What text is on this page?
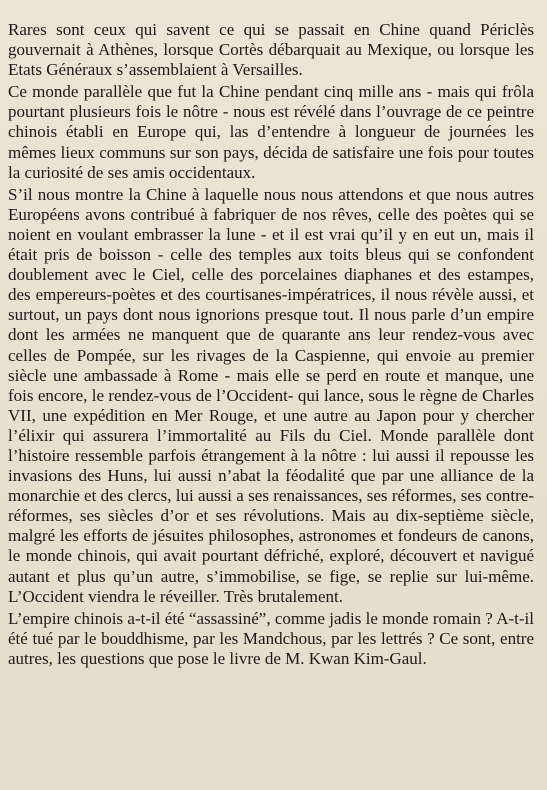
Rares sont ceux qui savent ce qui se passait en Chine quand Périclès gouvernait à Athènes, lorsque Cortès débarquait au Mexique, ou lorsque les Etats Généraux s’assemblaient à Versailles.

Ce monde parallèle que fut la Chine pendant cinq mille ans - mais qui frôla pourtant plusieurs fois le nôtre - nous est révélé dans l’ouvrage de ce peintre chinois établi en Europe qui, las d’entendre à longueur de journées les mêmes lieux communs sur son pays, décida de satisfaire une fois pour toutes la curiosité de ses amis occidentaux.

S’il nous montre la Chine à laquelle nous nous attendons et que nous autres Européens avons contribué à fabriquer de nos rêves, celle des poètes qui se noient en voulant embrasser la lune - et il est vrai qu’il y en eut un, mais il était pris de boisson - celle des temples aux toits bleus qui se confondent doublement avec le Ciel, celle des porcelaines diaphanes et des estampes, des empereurs-poètes et des courtisanes-impératrices, il nous révèle aussi, et surtout, un pays dont nous ignorions presque tout. Il nous parle d’un empire dont les armées ne manquent que de quarante ans leur rendez-vous avec celles de Pompée, sur les rivages de la Caspienne, qui envoie au premier siècle une ambassade à Rome - mais elle se perd en route et manque, une fois encore, le rendez-vous de l’Occident- qui lance, sous le règne de Charles VII, une expédition en Mer Rouge, et une autre au Japon pour y chercher l’élixir qui assurera l’immortalité au Fils du Ciel. Monde parallèle dont l’histoire ressemble parfois étrangement à la nôtre : lui aussi il repousse les invasions des Huns, lui aussi n’abat la féodalité que par une alliance de la monarchie et des clercs, lui aussi a ses renaissances, ses réformes, ses contre-réformes, ses siècles d’or et ses révolutions. Mais au dix-septième siècle, malgré les efforts de jésuites philosophes, astronomes et fondeurs de canons, le monde chinois, qui avait pourtant défriché, exploré, découvert et navigué autant et plus qu’un autre, s’immobilise, se fige, se replie sur lui-même. L’Occident viendra le réveiller. Très brutalement.

L’empire chinois a-t-il été “assassiné”, comme jadis le monde romain ? A-t-il été tué par le bouddhisme, par les Mandchous, par les lettrés ? Ce sont, entre autres, les questions que pose le livre de M. Kwan Kim-Gaul.
